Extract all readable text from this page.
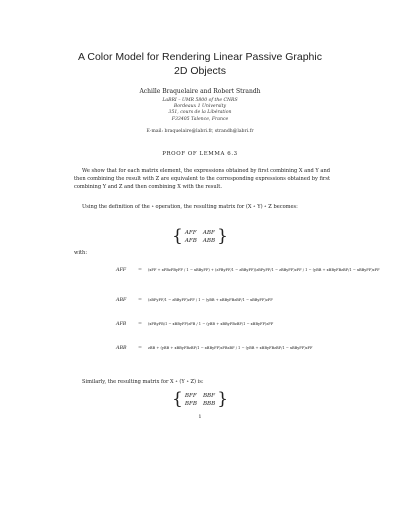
A Color Model for Rendering Linear Passive Graphic
2D Objects
Achille Braquelaire and Robert Strandh
LaBRI – UMR 5800 of the CNRS
Bordeaux 1 University
351, cours de la Libération
F33405 Talence, France
E-mail: braquelaire@labri.fr, strandh@labri.fr
PROOF OF LEMMA 6.3
We show that for each matrix element, the expressions obtained by first combining X and Y and then combining the result with Z are equivalent to the corresponding expressions obtained by first combining Y and Z and then combining X with the result.
Using the definition of the ∘ operation, the resulting matrix for (X ∘ Y) ∘ Z becomes:
{ AFF ABF
AFB ABB }
with:
AFF = (xFF + xFBzFByFF / 1 − xBByFF) + (zFByFF/1 − zBByFF)(zBFyFF/1 − zBByFF)zFF / 1 − (yBB + xBByFBzBF/1 − xBByFF)zFF
ABF = (zBFyFF/1 − zBByFF)zFF / 1 − (yBB + xBByFBzBF/1 − xBByFF)zFF
AFB = (xFByFB/1 − xBByFF)zFB / 1 − (yBB + xBByFBzBF/1 − xBByFF)zFF
ABB = zBB + (yBB + xBByFBzBF/1 − xBByFF)zFBzBF / 1 − (yBB + xBByFBzBF/1 − xBByFF)zFF
Similarly, the resulting matrix for X ∘ (Y ∘ Z) is:
{ BFF BBF
BFB BBB }
1
